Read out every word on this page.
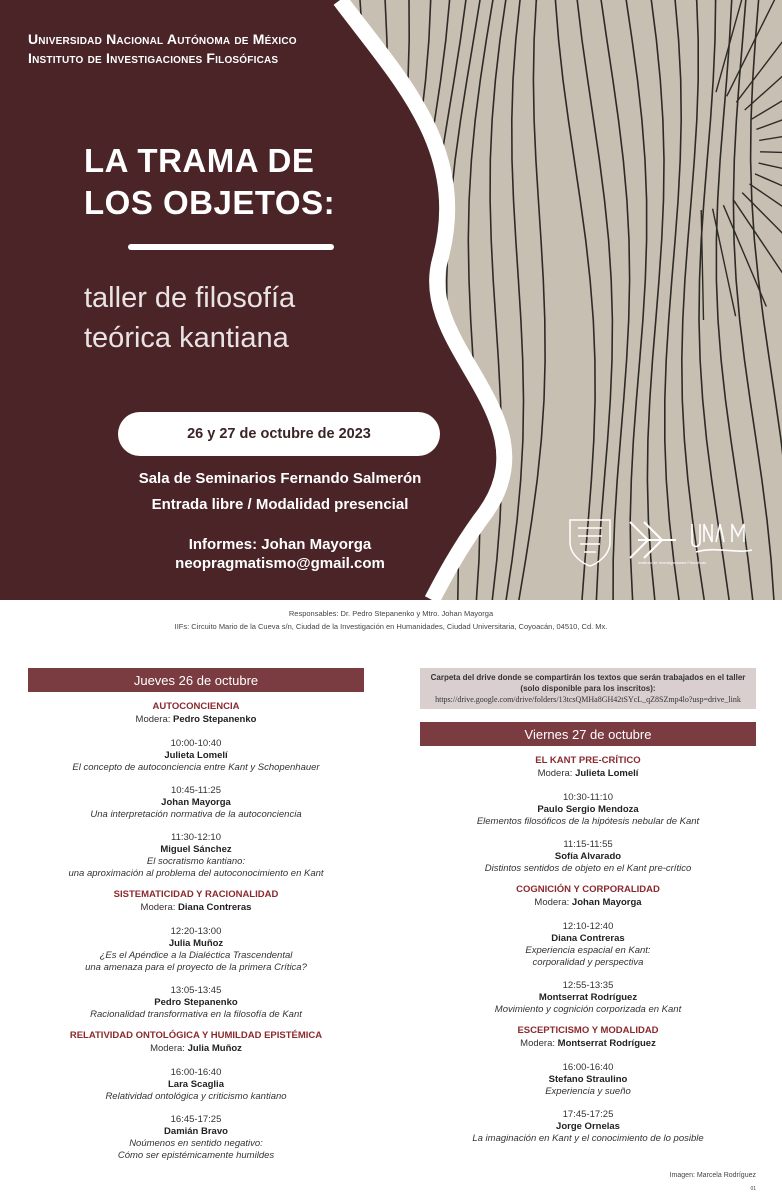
Universidad Nacional Autónoma de México
Instituto de Investigaciones Filosóficas
LA TRAMA DE
LOS OBJETOS:
taller de filosofía
teórica kantiana
26 y 27 de octubre de 2023
Sala de Seminarios Fernando Salmerón
Entrada libre / Modalidad presencial
Informes: Johan Mayorga
neopragmatismo@gmail.com	Instituto de Investigaciones Filosóficas
Responsables: Dr. Pedro Stepanenko y Mtro. Johan Mayorga
IIFs: Circuito Mario de la Cueva s/n, Ciudad de la Investigación en Humanidades, Ciudad Universitaria, Coyoacán, 04510, Cd. Mx.
Jueves 26 de octubre
AUTOCONCIENCIA
Modera: Pedro Stepanenko
10:00-10:40
Julieta Lomelí
El concepto de autoconciencia entre Kant y Schopenhauer
10:45-11:25
Johan Mayorga
Una interpretación normativa de la autoconciencia
11:30-12:10
Miguel Sánchez
El socratismo kantiano:
una aproximación al problema del autoconocimiento en Kant
SISTEMATICIDAD Y RACIONALIDAD
Modera: Diana Contreras
12:20-13:00
Julia Muñoz
¿Es el Apéndice a la Dialéctica Trascendental
una amenaza para el proyecto de la primera Crítica?
13:05-13:45
Pedro Stepanenko
Racionalidad transformativa en la filosofía de Kant
RELATIVIDAD ONTOLÓGICA Y HUMILDAD EPISTÉMICA
Modera: Julia Muñoz
16:00-16:40
Lara Scaglia
Relatividad ontológica y criticismo kantiano
16:45-17:25
Damián Bravo
Noúmenos en sentido negativo:
Cómo ser epistémicamente humildes
Carpeta del drive donde se compartirán los textos que serán trabajados en el taller (solo disponible para los inscritos):
https://drive.google.com/drive/folders/13tcsQMHa8GH42tSYcL_qZ8SZmp4lo?usp=drive_link
Viernes 27 de octubre
EL KANT PRE-CRÍTICO
Modera: Julieta Lomelí
10:30-11:10
Paulo Sergio Mendoza
Elementos filosóficos de la hipótesis nebular de Kant
11:15-11:55
Sofía Alvarado
Distintos sentidos de objeto en el Kant pre-crítico
COGNICIÓN Y CORPORALIDAD
Modera: Johan Mayorga
12:10-12:40
Diana Contreras
Experiencia espacial en Kant:
corporalidad y perspectiva
12:55-13:35
Montserrat Rodríguez
Movimiento y cognición corporizada en Kant
ESCEPTICISMO Y MODALIDAD
Modera: Montserrat Rodríguez
16:00-16:40
Stefano Straulino
Experiencia y sueño
17:45-17:25
Jorge Ornelas
La imaginación en Kant y el conocimiento de lo posible
Imagen: Marcela Rodríguez
01
